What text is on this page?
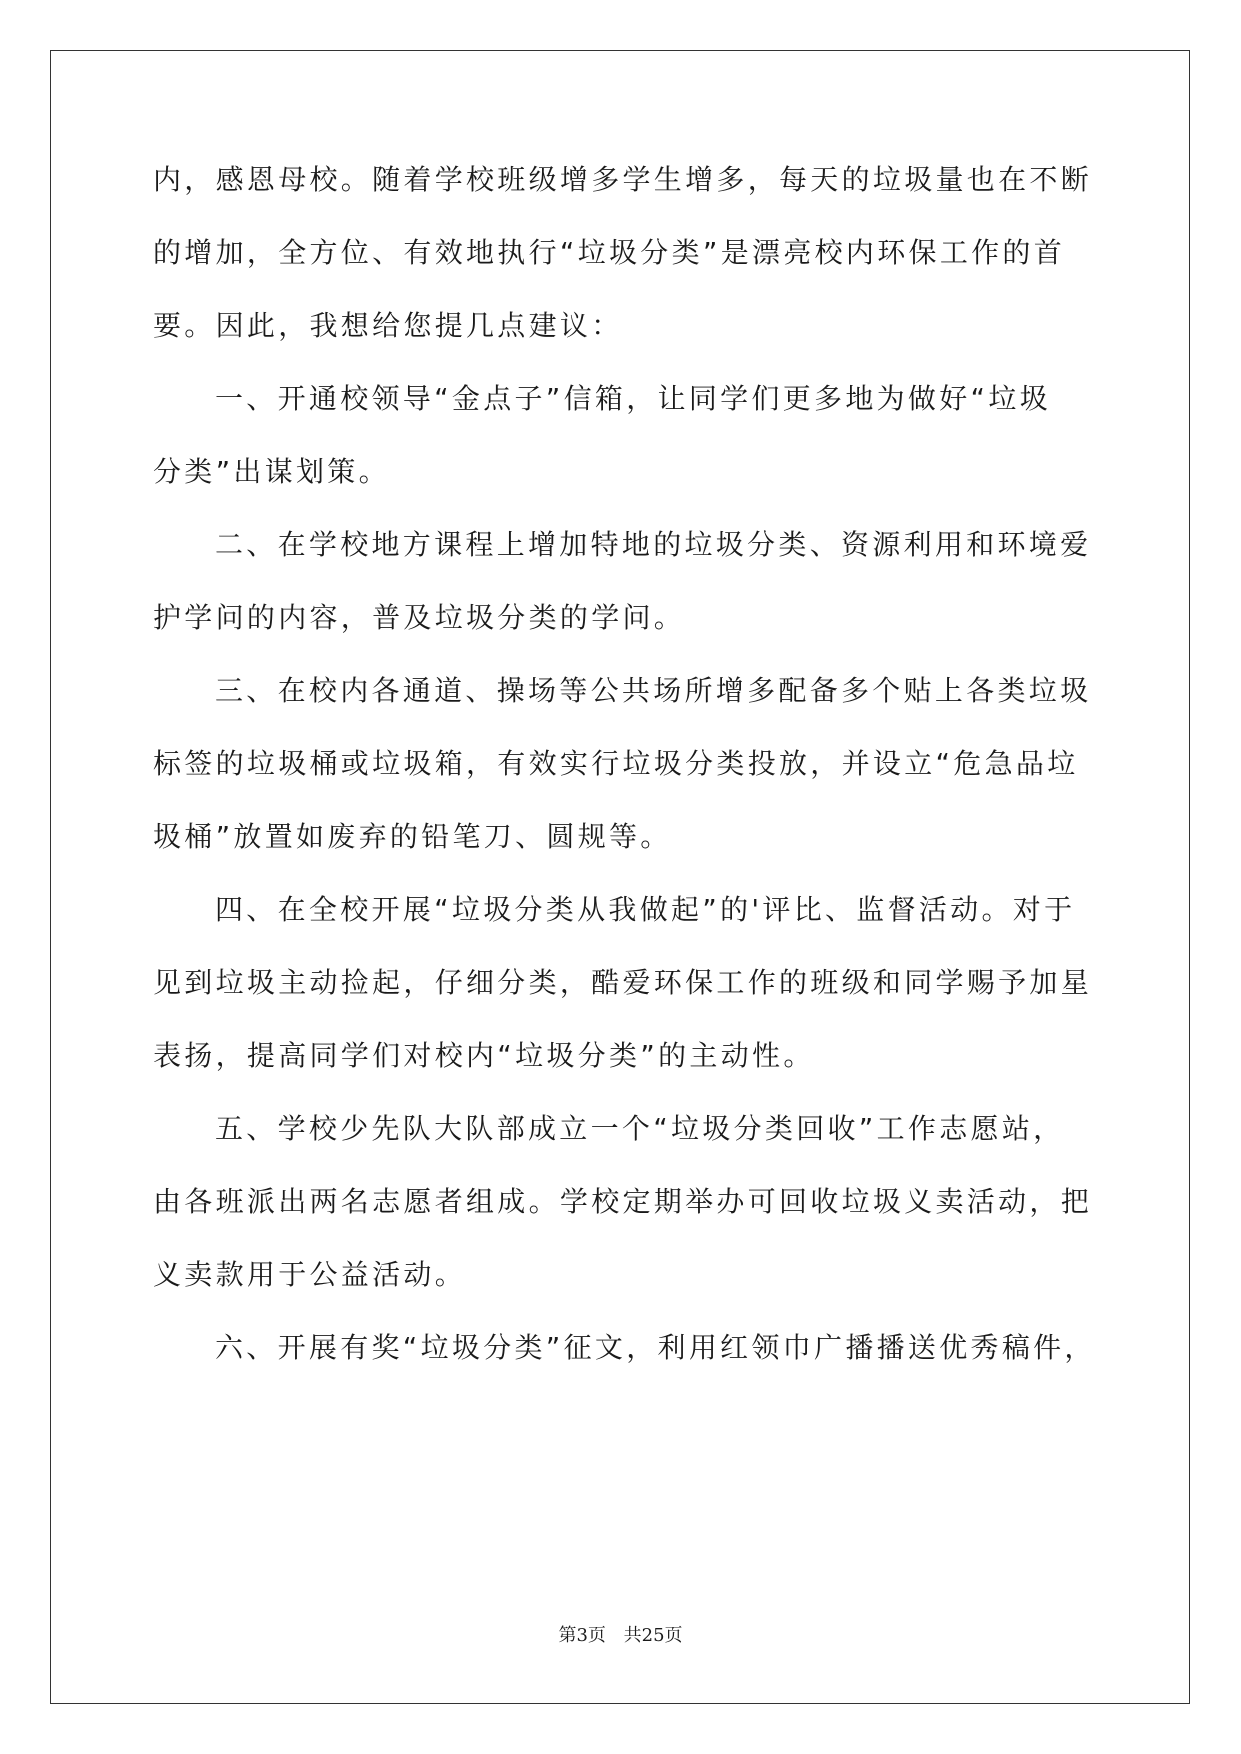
内，感恩母校。随着学校班级增多学生增多，每天的垃圾量也在不断
的增加，全方位、有效地执行“垃圾分类”是漂亮校内环保工作的首
要。因此，我想给您提几点建议：
一、开通校领导“金点子”信箱，让同学们更多地为做好“垃圾
分类”出谋划策。
二、在学校地方课程上增加特地的垃圾分类、资源利用和环境爱
护学问的内容，普及垃圾分类的学问。
三、在校内各通道、操场等公共场所增多配备多个贴上各类垃圾
标签的垃圾桶或垃圾箱，有效实行垃圾分类投放，并设立“危急品垃
圾桶”放置如废弃的铅笔刀、圆规等。
四、在全校开展“垃圾分类从我做起”的'评比、监督活动。对于
见到垃圾主动捡起，仔细分类，酷爱环保工作的班级和同学赐予加星
表扬，提高同学们对校内“垃圾分类”的主动性。
五、学校少先队大队部成立一个“垃圾分类回收”工作志愿站，
由各班派出两名志愿者组成。学校定期举办可回收垃圾义卖活动，把
义卖款用于公益活动。
六、开展有奖“垃圾分类”征文，利用红领巾广播播送优秀稿件，
第3页 共25页
